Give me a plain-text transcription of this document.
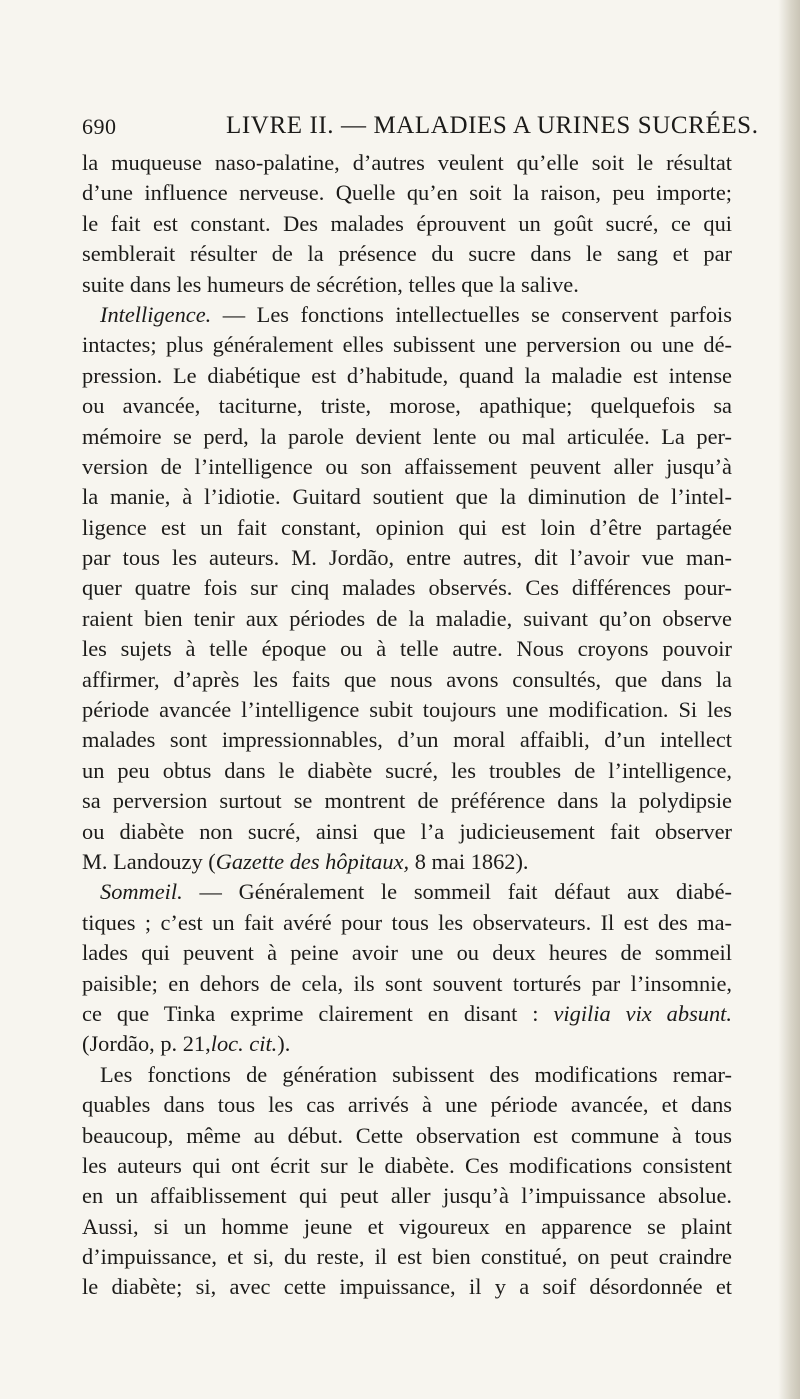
690	LIVRE II. — MALADIES A URINES SUCRÉES.
la muqueuse naso-palatine, d’autres veulent qu’elle soit le résultat
d’une influence nerveuse. Quelle qu’en soit la raison, peu importe;
le fait est constant. Des malades éprouvent un goût sucré, ce qui
semblerait résulter de la présence du sucre dans le sang et par
suite dans les humeurs de sécrétion, telles que la salive.
Intelligence. — Les fonctions intellectuelles se conservent parfois
intactes; plus généralement elles subissent une perversion ou une dé-
pression. Le diabétique est d’habitude, quand la maladie est intense
ou avancée, taciturne, triste, morose, apathique; quelquefois sa
mémoire se perd, la parole devient lente ou mal articulée. La per-
version de l’intelligence ou son affaissement peuvent aller jusqu’à
la manie, à l’idiotie. Guitard soutient que la diminution de l’intel-
ligence est un fait constant, opinion qui est loin d’être partagée
par tous les auteurs. M. Jordão, entre autres, dit l’avoir vue man-
quer quatre fois sur cinq malades observés. Ces différences pour-
raient bien tenir aux périodes de la maladie, suivant qu’on observe
les sujets à telle époque ou à telle autre. Nous croyons pouvoir
affirmer, d’après les faits que nous avons consultés, que dans la
période avancée l’intelligence subit toujours une modification. Si les
malades sont impressionnables, d’un moral affaibli, d’un intellect
un peu obtus dans le diabète sucré, les troubles de l’intelligence,
sa perversion surtout se montrent de préférence dans la polydipsie
ou diabète non sucré, ainsi que l’a judicieusement fait observer
M. Landouzy (Gazette des hôpitaux, 8 mai 1862).
Sommeil. — Généralement le sommeil fait défaut aux diabé-
tiques ; c’est un fait avéré pour tous les observateurs. Il est des ma-
lades qui peuvent à peine avoir une ou deux heures de sommeil
paisible; en dehors de cela, ils sont souvent torturés par l’insomnie,
ce que Tinka exprime clairement en disant : vigilia vix absunt.
(Jordão, p. 21,loc. cit.).
Les fonctions de génération subissent des modifications remar-
quables dans tous les cas arrivés à une période avancée, et dans
beaucoup, même au début. Cette observation est commune à tous
les auteurs qui ont écrit sur le diabète. Ces modifications consistent
en un affaiblissement qui peut aller jusqu’à l’impuissance absolue.
Aussi, si un homme jeune et vigoureux en apparence se plaint
d’impuissance, et si, du reste, il est bien constitué, on peut craindre
le diabète; si, avec cette impuissance, il y a soif désordonnée et
